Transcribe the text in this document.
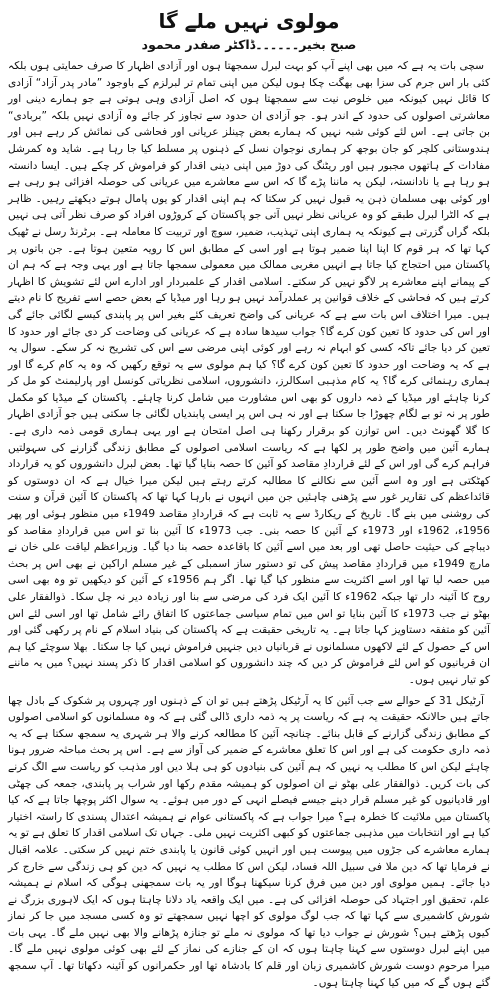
مولوی نہیں ملے گا
صبح بخیر۔۔۔۔۔۔ڈاکٹر صفدر محمود

سچی بات یہ ہے کہ میں بھی اپنے آپ کو بہت لبرل سمجھتا ہوں اور آزادی اظہار کا صرف حمایتی ہوں بلکہ کئی بار اس جرم کی سزا بھی بھگت چکا ہوں لیکن میں اپنی تمام تر لبرلزم کے باوجود ”مادر پدر آزاد“ آزادی کا قائل نہیں کیونکہ میں خلوص نیت سے سمجھتا ہوں کہ اصل آزادی وہی ہوتی ہے جو ہمارے دینی اور معاشرتی اصولوں کی حدود کے اندر ہو۔ جو آزادی ان حدود سے تجاوز کر جائے وہ آزادی نہیں بلکہ ”بربادی“ بن جاتی ہے۔ اس لئے کوئی شبہ نہیں کہ ہمارے بعض چینلز عریانی اور فحاشی کی نمائش کر رہے ہیں اور ہندوستانی کلچر کو جان بوجھ کر ہماری نوجوان نسل کے ذہنوں پر مسلط کیا جا رہا ہے۔ شاید وہ کمرشل مفادات کے ہاتھوں مجبور ہیں اور ریٹنگ کی دوڑ میں اپنی دینی اقدار کو فراموش کر چکے ہیں۔ ایسا دانستہ ہو رہا ہے یا نادانستہ، لیکن یہ ماننا پڑے گا کہ اس سے معاشرے میں عریانی کی حوصلہ افزائی ہو رہی ہے اور کوئی بھی مسلمان ذہن یہ قبول نہیں کر سکتا کہ ہم اپنی اقدار کو یوں پامال ہوتے دیکھتے رہیں۔ ظاہر ہے کہ الٹرا لبرل طبقے کو وہ عریانی نظر نہیں آتی جو پاکستان کے کروڑوں افراد کو صرف نظر آتی ہی نہیں بلکہ گراں گزرتی ہے کیونکہ یہ ہماری اپنی تہذیب، ضمیر، سوچ اور تربیت کا معاملہ ہے۔ برٹرنڈ رسل نے ٹھیک کہا تھا کہ ہر قوم کا اپنا اپنا ضمیر ہوتا ہے اور اسی کے مطابق اس کا رویہ متعین ہوتا ہے۔ جن باتوں پر پاکستان میں احتجاج کیا جاتا ہے انہیں مغربی ممالک میں معمولی سمجھا جاتا ہے اور یہی وجہ ہے کہ ہم ان کے پیمانے اپنے معاشرے پر لاگو نہیں کر سکتے۔ اسلامی اقدار کے علمبردار اور ادارے اس لئے تشویش کا اظہار کرتے ہیں کہ فحاشی کے خلاف قوانین پر عملدرآمد نہیں ہو رہا اور میڈیا کے بعض حصے اسے تفریح کا نام دیتے ہیں۔ میرا اختلاف اس بات سے ہے کہ عریانی کی واضح تعریف کئے بغیر اس پر پابندی کیسے لگائی جائے گی اور اس کی حدود کا تعین کون کرے گا؟ جواب سیدھا سادہ ہے کہ عریانی کی وضاحت کر دی جائے اور حدود کا تعین کر دیا جائے تاکہ کسی کو ابہام نہ رہے اور کوئی اپنی مرضی سے اس کی تشریح نہ کر سکے۔ سوال یہ ہے کہ یہ وضاحت اور حدود کا تعین کون کرے گا؟ کیا ہم مولوی سے یہ توقع رکھیں کہ وہ یہ کام کرے گا اور ہماری رہنمائی کرے گا؟ یہ کام مذہبی اسکالرز، دانشوروں، اسلامی نظریاتی کونسل اور پارلیمنٹ کو مل کر کرنا چاہئے اور میڈیا کے ذمہ داروں کو بھی اس مشاورت میں شامل کرنا چاہئے۔ پاکستان کے میڈیا کو مکمل طور پر نہ تو بے لگام چھوڑا جا سکتا ہے اور نہ ہی اس پر ایسی پابندیاں لگائی جا سکتی ہیں جو آزادی اظہار کا گلا گھونٹ دیں۔ اس توازن کو برقرار رکھنا ہی اصل امتحان ہے اور یہی ہماری قومی ذمہ داری ہے۔ ہمارے آئین میں واضح طور پر لکھا ہے کہ ریاست اسلامی اصولوں کے مطابق زندگی گزارنے کی سہولتیں فراہم کرے گی اور اس کے لئے قراردادِ مقاصد کو آئین کا حصہ بنایا گیا تھا۔ بعض لبرل دانشوروں کو یہ قرارداد کھٹکتی ہے اور وہ اسے آئین سے نکالنے کا مطالبہ کرتے رہتے ہیں لیکن میرا خیال ہے کہ ان دوستوں کو قائداعظم کی تقاریر غور سے پڑھنی چاہئیں جن میں انہوں نے بارہا کہا تھا کہ پاکستان کا آئین قرآن و سنت کی روشنی میں بنے گا۔ تاریخ کے ریکارڈ سے یہ ثابت ہے کہ قراردادِ مقاصد 1949ء میں منظور ہوئی اور پھر 1956ء، 1962ء اور 1973ء کے آئین کا حصہ بنی۔ جب 1973ء کا آئین بنا تو اس میں قراردادِ مقاصد کو دیباچے کی حیثیت حاصل تھی اور بعد میں اسے آئین کا باقاعدہ حصہ بنا دیا گیا۔ وزیراعظم لیاقت علی خان نے مارچ 1949ء میں قراردادِ مقاصد پیش کی تو دستور ساز اسمبلی کے غیر مسلم اراکین نے بھی اس پر بحث میں حصہ لیا تھا اور اسے اکثریت سے منظور کیا گیا تھا۔ اگر ہم 1956ء کے آئین کو دیکھیں تو وہ بھی اسی روح کا آئینہ دار تھا جبکہ 1962ء کا آئین ایک فرد کی مرضی سے بنا اور زیادہ دیر نہ چل سکا۔ ذوالفقار علی بھٹو نے جب 1973ء کا آئین بنایا تو اس میں تمام سیاسی جماعتوں کا اتفاق رائے شامل تھا اور اسی لئے اس آئین کو متفقہ دستاویز کہا جاتا ہے۔ یہ تاریخی حقیقت ہے کہ پاکستان کی بنیاد اسلام کے نام پر رکھی گئی اور اس کے حصول کے لئے لاکھوں مسلمانوں نے قربانیاں دیں جنہیں فراموش نہیں کیا جا سکتا۔ بھلا سوچئے کیا ہم ان قربانیوں کو اس لئے فراموش کر دیں کہ چند دانشوروں کو اسلامی اقدار کا ذکر پسند نہیں؟ میں یہ ماننے کو تیار نہیں ہوں۔

آرٹیکل 31 کے حوالے سے جب آئین کا یہ آرٹیکل پڑھتے ہیں تو ان کے ذہنوں اور چہروں پر شکوک کے بادل چھا جاتے ہیں حالانکہ حقیقت یہ ہے کہ ریاست پر یہ ذمہ داری ڈالی گئی ہے کہ وہ مسلمانوں کو اسلامی اصولوں کے مطابق زندگی گزارنے کے قابل بنائے۔ چنانچہ آئین کا مطالعہ کرنے والا ہر شہری یہ سمجھ سکتا ہے کہ یہ ذمہ داری حکومت کی ہے اور اس کا تعلق معاشرے کے ضمیر کی آواز سے ہے۔ اس پر بحث مباحثہ ضرور ہونا چاہئے لیکن اس کا مطلب یہ نہیں کہ ہم آئین کی بنیادوں کو ہی ہلا دیں اور مذہب کو ریاست سے الگ کرنے کی بات کریں۔ ذوالفقار علی بھٹو نے ان اصولوں کو ہمیشہ مقدم رکھا اور شراب پر پابندی، جمعہ کی چھٹی اور قادیانیوں کو غیر مسلم قرار دینے جیسے فیصلے انہی کے دور میں ہوئے۔ یہ سوال اکثر پوچھا جاتا ہے کہ کیا پاکستان میں ملائیت کا خطرہ ہے؟ میرا جواب ہے کہ پاکستانی عوام نے ہمیشہ اعتدال پسندی کا راستہ اختیار کیا ہے اور انتخابات میں مذہبی جماعتوں کو کبھی اکثریت نہیں ملی۔ جہاں تک اسلامی اقدار کا تعلق ہے تو یہ ہمارے معاشرے کی جڑوں میں پیوست ہیں اور انہیں کوئی قانون یا پابندی ختم نہیں کر سکتی۔ علامہ اقبال نے فرمایا تھا کہ دین ملا فی سبیل اللہ فساد، لیکن اس کا مطلب یہ نہیں کہ دین کو ہی زندگی سے خارج کر دیا جائے۔ ہمیں مولوی اور دین میں فرق کرنا سیکھنا ہوگا اور یہ بات سمجھنی ہوگی کہ اسلام نے ہمیشہ علم، تحقیق اور اجتہاد کی حوصلہ افزائی کی ہے۔ میں ایک واقعہ یاد دلانا چاہتا ہوں کہ ایک لاہوری بزرگ نے شورش کاشمیری سے کہا تھا کہ جب لوگ مولوی کو اچھا نہیں سمجھتے تو وہ کسی مسجد میں جا کر نماز کیوں پڑھتے ہیں؟ شورش نے جواب دیا تھا کہ مولوی نہ ملے تو جنازہ پڑھانے والا بھی نہیں ملے گا۔ یہی بات میں اپنے لبرل دوستوں سے کہنا چاہتا ہوں کہ ان کے جنازے کی نماز کے لئے بھی کوئی مولوی نہیں ملے گا۔ میرا مرحوم دوست شورش کاشمیری زبان اور قلم کا بادشاہ تھا اور حکمرانوں کو آئینہ دکھاتا تھا۔ آپ سمجھ گئے ہوں گے کہ میں کیا کہنا چاہتا ہوں۔
